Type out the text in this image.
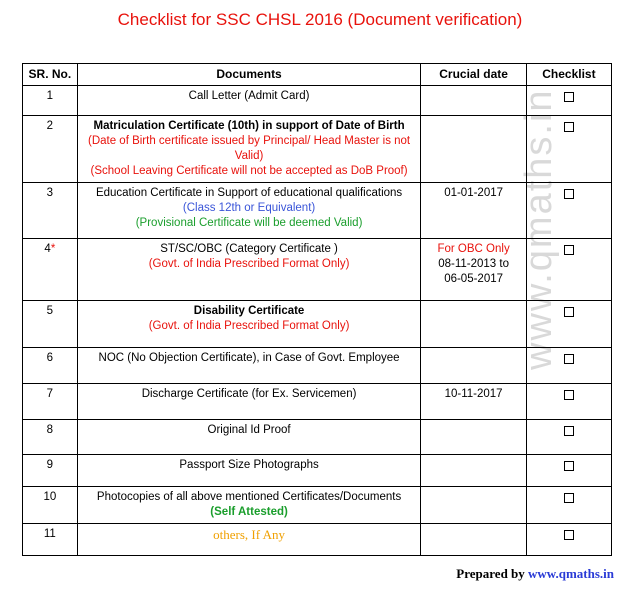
Checklist for SSC CHSL 2016 (Document verification)
www.qmaths.in
SR. No.	Documents	Crucial date	Checklist
1	Call Letter (Admit Card)		

2	Matriculation Certificate (10th) in support of Date of Birth
(Date of Birth certificate issued by Principal/ Head Master is not Valid)
(School Leaving Certificate will not be accepted as DoB Proof)		

3	Education Certificate in Support of educational qualifications
(Class 12th or Equivalent)
(Provisional Certificate will be deemed Valid)	01-01-2017	

4*	ST/SC/OBC (Category Certificate )
(Govt. of India Prescribed Format Only)	For OBC Only
08-11-2013 to
06-05-2017	

5	Disability Certificate
(Govt. of India Prescribed Format Only)		

6	NOC (No Objection Certificate), in Case of Govt. Employee		

7	Discharge Certificate (for Ex. Servicemen)	10-11-2017	

8	Original Id Proof		

9	Passport Size Photographs		

10	Photocopies of all above mentioned Certificates/Documents
(Self Attested)		

11	others, If Any		

Prepared by www.qmaths.in
